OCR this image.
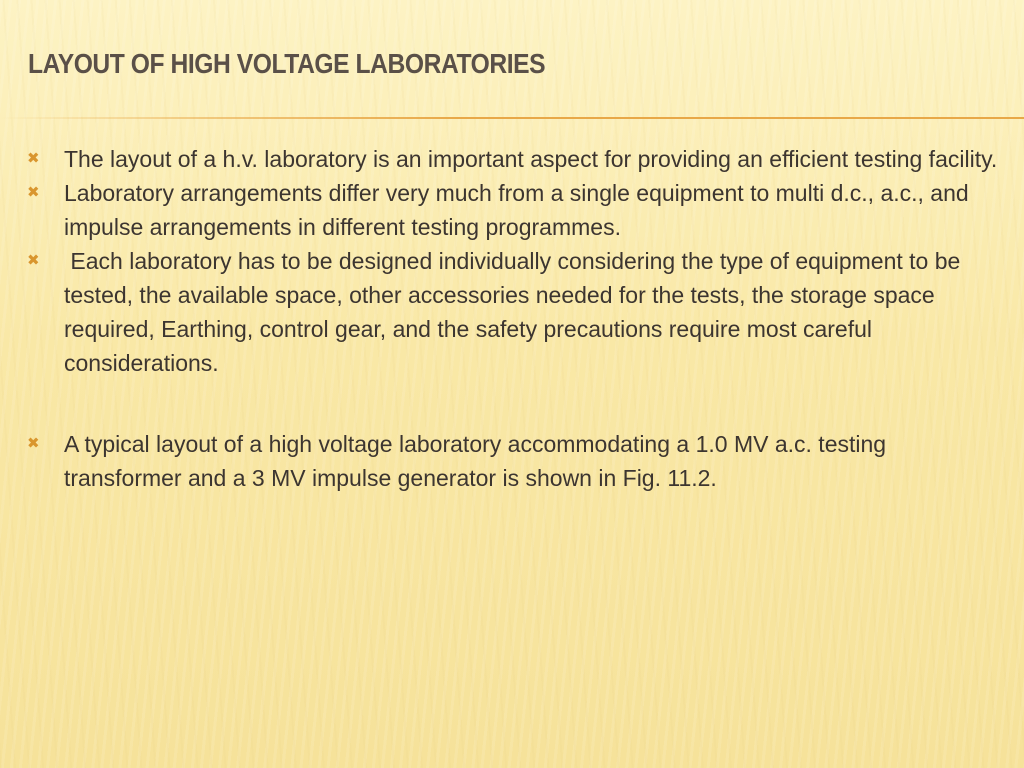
LAYOUT OF HIGH VOLTAGE LABORATORIES

✖ The layout of a h.v. laboratory is an important aspect for providing an efficient testing facility.

✖ Laboratory arrangements differ very much from a single equipment to multi d.c., a.c., and impulse arrangements in different testing programmes.

✖ Each laboratory has to be designed individually considering the type of equipment to be tested, the available space, other accessories needed for the tests, the storage space required, Earthing, control gear, and the safety precautions require most careful considerations.

✖ A typical layout of a high voltage laboratory accommodating a 1.0 MV a.c. testing transformer and a 3 MV impulse generator is shown in Fig. 11.2.
